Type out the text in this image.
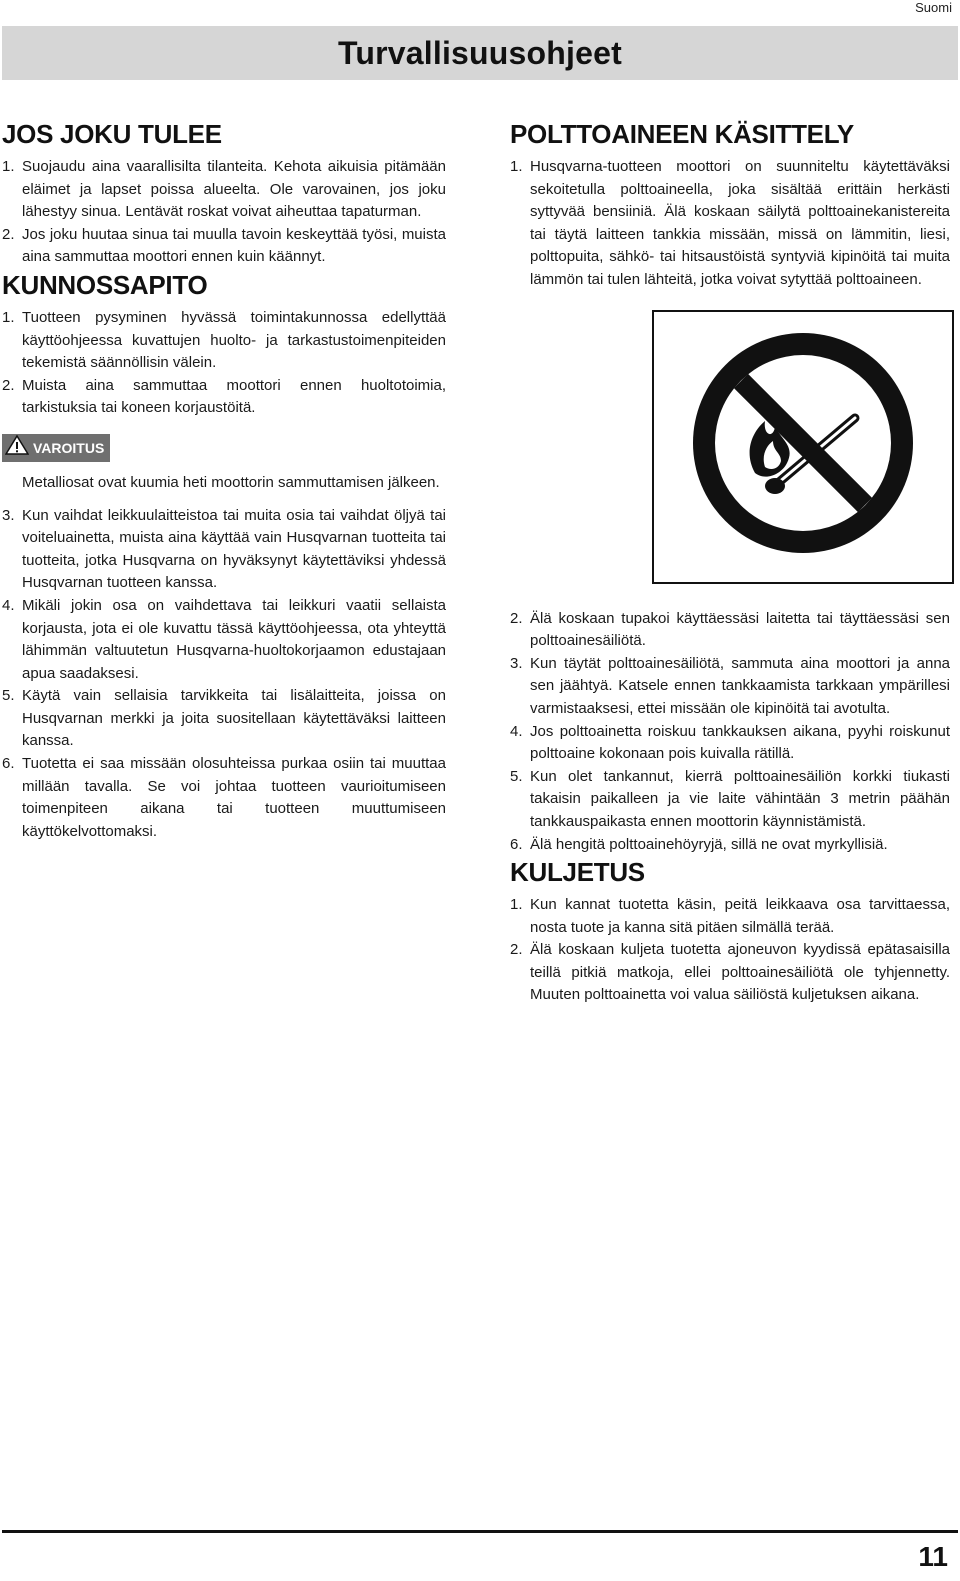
Suomi
Turvallisuusohjeet
JOS JOKU TULEE
1. Suojaudu aina vaarallisilta tilanteita. Kehota aikuisia pitämään eläimet ja lapset poissa alueelta. Ole varovainen, jos joku lähestyy sinua. Lentävät roskat voivat aiheuttaa tapaturman.
2. Jos joku huutaa sinua tai muulla tavoin keskeyttää työsi, muista aina sammuttaa moottori ennen kuin käännyt.
KUNNOSSAPITO
1. Tuotteen pysyminen hyvässä toimintakunnossa edellyttää käyttöohjeessa kuvattujen huolto- ja tarkastustoimenpiteiden tekemistä säännöllisin välein.
2. Muista aina sammuttaa moottori ennen huoltotoimia, tarkistuksia tai koneen korjaustöitä.
VAROITUS
Metalliosat ovat kuumia heti moottorin sammuttamisen jälkeen.
3. Kun vaihdat leikkuulaitteistoa tai muita osia tai vaihdat öljyä tai voiteluainetta, muista aina käyttää vain Husqvarnan tuotteita tai tuotteita, jotka Husqvarna on hyväksynyt käytettäviksi yhdessä Husqvarnan tuotteen kanssa.
4. Mikäli jokin osa on vaihdettava tai leikkuri vaatii sellaista korjausta, jota ei ole kuvattu tässä käyttöohjeessa, ota yhteyttä lähimmän valtuutetun Husqvarna-huoltokorjaamon edustajaan apua saadaksesi.
5. Käytä vain sellaisia tarvikkeita tai lisälaitteita, joissa on Husqvarnan merkki ja joita suositellaan käytettäväksi laitteen kanssa.
6. Tuotetta ei saa missään olosuhteissa purkaa osiin tai muuttaa millään tavalla. Se voi johtaa tuotteen vaurioitumiseen toimenpiteen aikana tai tuotteen muuttumiseen käyttökelvottomaksi.
POLTTOAINEEN KÄSITTELY
1. Husqvarna-tuotteen moottori on suunniteltu käytettäväksi sekoitetulla polttoaineella, joka sisältää erittäin herkästi syttyvää bensiiniä. Älä koskaan säilytä polttoainekanistereita tai täytä laitteen tankkia missään, missä on lämmitin, liesi, polttopuita, sähkö- tai hitsaustöistä syntyviä kipinöitä tai muita lämmön tai tulen lähteitä, jotka voivat sytyttää polttoaineen.
2. Älä koskaan tupakoi käyttäessäsi laitetta tai täyttäessäsi sen polttoainesäiliötä.
3. Kun täytät polttoainesäiliötä, sammuta aina moottori ja anna sen jäähtyä. Katsele ennen tankkaamista tarkkaan ympärillesi varmistaaksesi, ettei missään ole kipinöitä tai avotulta.
4. Jos polttoainetta roiskuu tankkauksen aikana, pyyhi roiskunut polttoaine kokonaan pois kuivalla rätillä.
5. Kun olet tankannut, kierrä polttoainesäiliön korkki tiukasti takaisin paikalleen ja vie laite vähintään 3 metrin päähän tankkauspaikasta ennen moottorin käynnistämistä.
6. Älä hengitä polttoainehöyryjä, sillä ne ovat myrkyllisiä.
KULJETUS
1. Kun kannat tuotetta käsin, peitä leikkaava osa tarvittaessa, nosta tuote ja kanna sitä pitäen silmällä terää.
2. Älä koskaan kuljeta tuotetta ajoneuvon kyydissä epätasaisilla teillä pitkiä matkoja, ellei polttoainesäiliötä ole tyhjennetty. Muuten polttoainetta voi valua säiliöstä kuljetuksen aikana.
11
